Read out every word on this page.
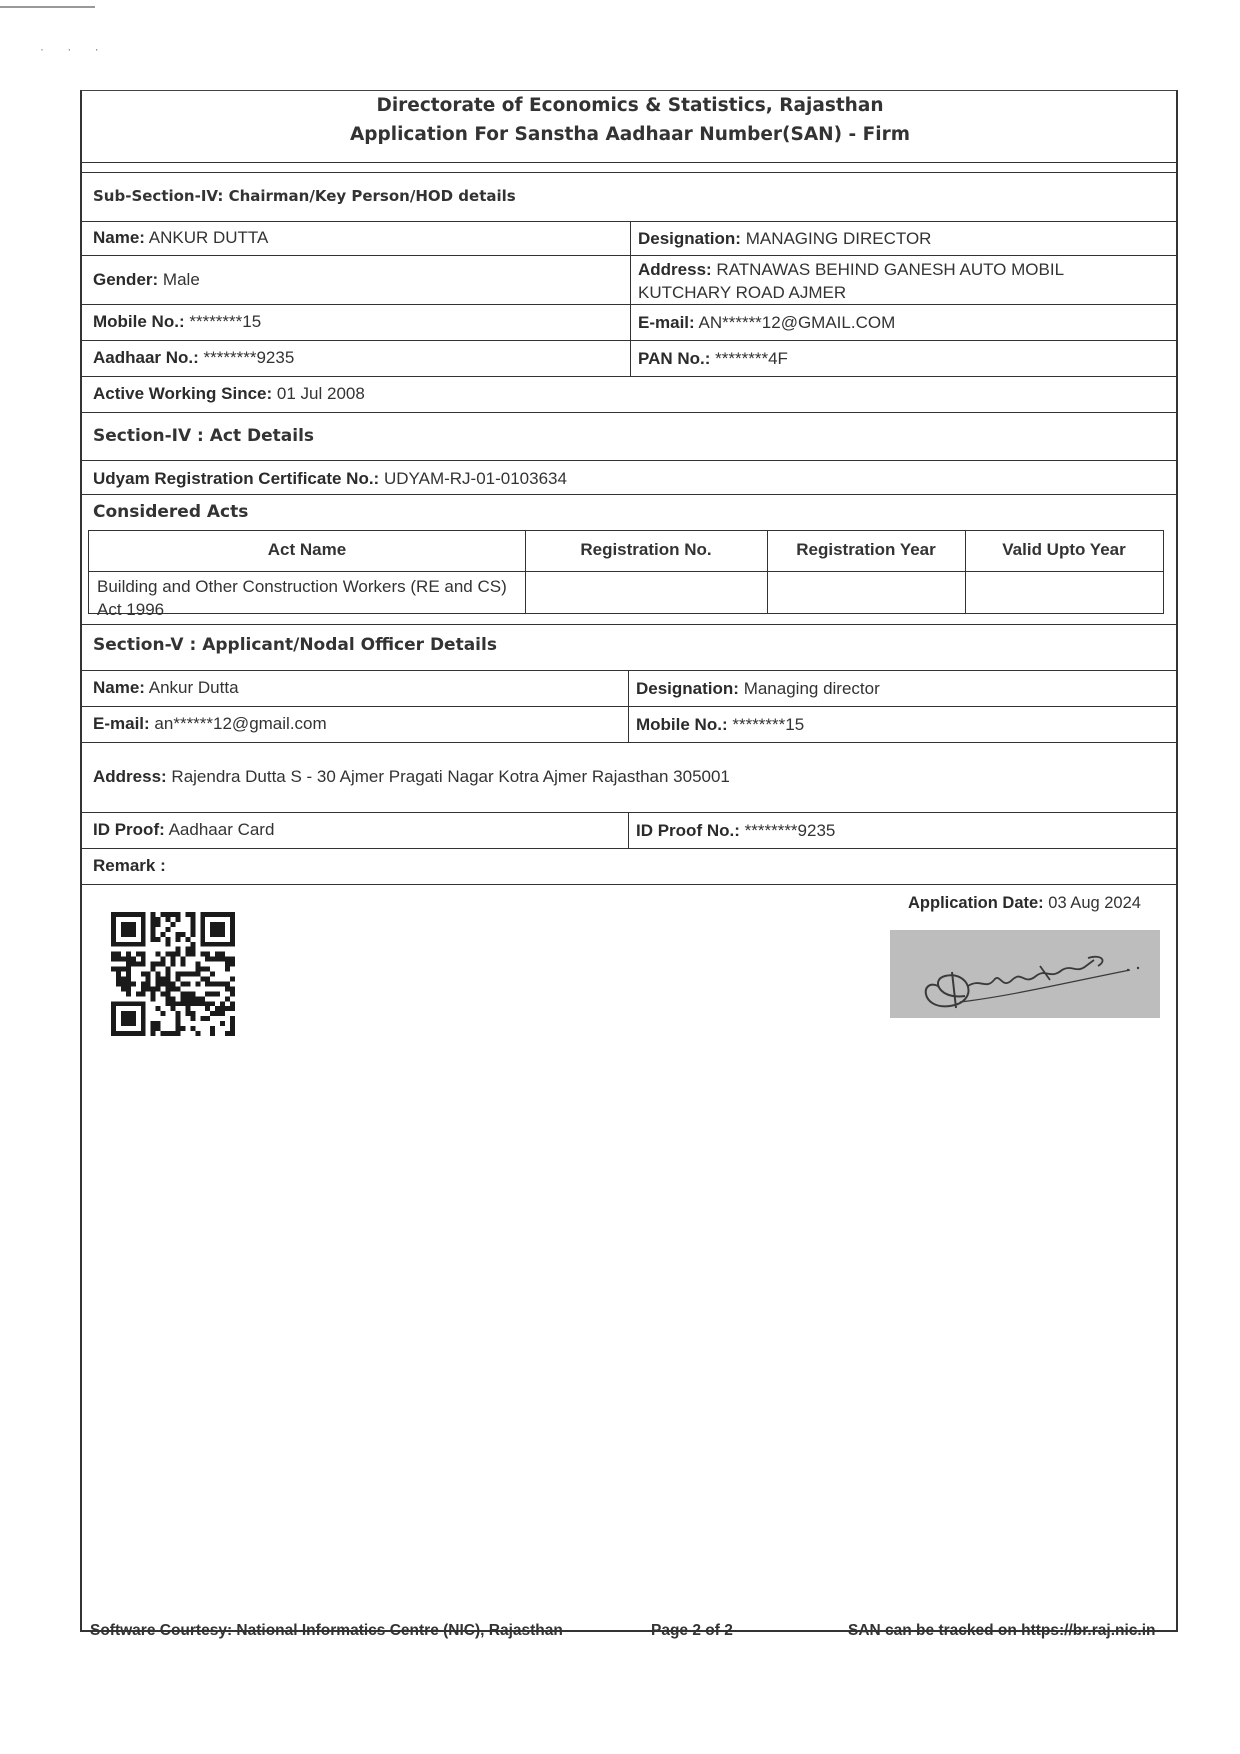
· · ·
Directorate of Economics & Statistics, Rajasthan
Application For Sanstha Aadhaar Number(SAN) - Firm
Sub-Section-IV: Chairman/Key Person/HOD details
Name: ANKUR DUTTA	Designation: MANAGING DIRECTOR
Gender: Male
Address: RATNAWAS BEHIND GANESH AUTO MOBIL
KUTCHARY ROAD AJMER
Mobile No.: ********15	E-mail: AN******12@GMAIL.COM
Aadhaar No.: ********9235	PAN No.: ********4F
Active Working Since: 01 Jul 2008
Section-IV : Act Details
Udyam Registration Certificate No.: UDYAM-RJ-01-0103634
Considered Acts
Act Name	Registration No.	Registration Year	Valid Upto Year
Building and Other Construction Workers (RE and CS) Act 1996
Section-V : Applicant/Nodal Officer Details
Name: Ankur Dutta	Designation: Managing director
E-mail: an******12@gmail.com	Mobile No.: ********15
Address: Rajendra Dutta S - 30 Ajmer Pragati Nagar Kotra Ajmer Rajasthan 305001
ID Proof: Aadhaar Card	ID Proof No.: ********9235
Remark :
Application Date: 03 Aug 2024
Software Courtesy: National Informatics Centre (NIC), Rajasthan	Page 2 of 2	SAN can be tracked on https://br.raj.nic.in
